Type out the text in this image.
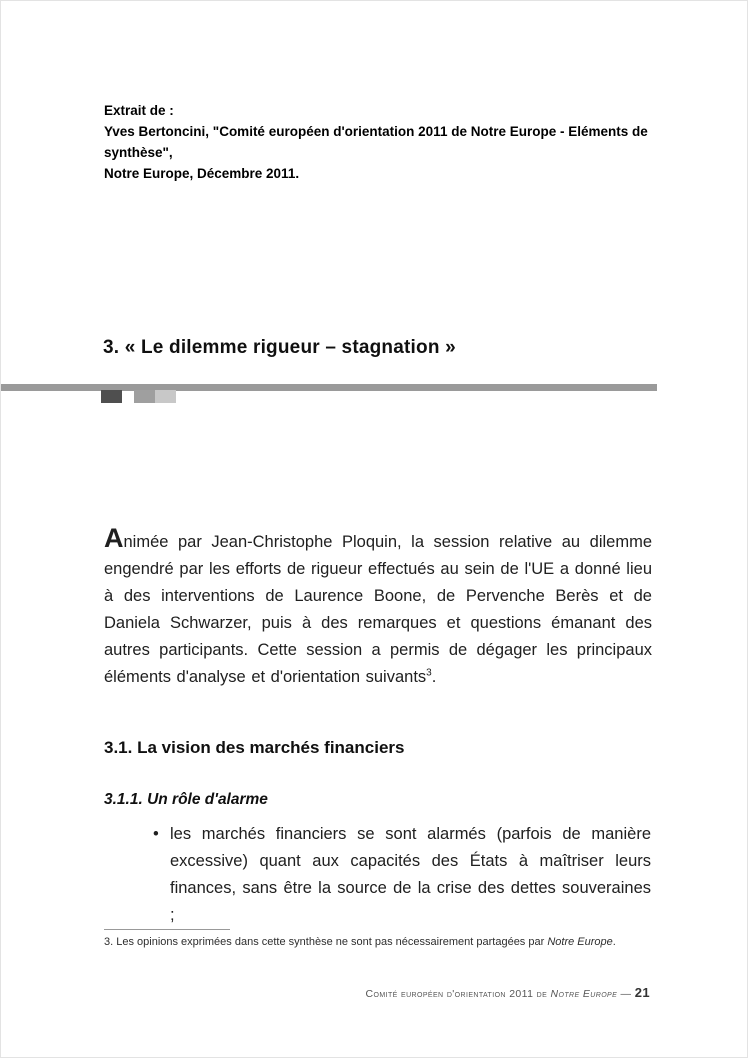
Extrait de :
Yves Bertoncini, "Comité européen d'orientation 2011 de Notre Europe - Eléments de synthèse",
Notre Europe, Décembre 2011.
3. « Le dilemme rigueur – stagnation »

Animée par Jean-Christophe Ploquin, la session relative au dilemme engendré par les efforts de rigueur effectués au sein de l'UE a donné lieu à des interventions de Laurence Boone, de Pervenche Berès et de Daniela Schwarzer, puis à des remarques et questions émanant des autres participants. Cette session a permis de dégager les principaux éléments d'analyse et d'orientation suivants$^3$.

3.1. La vision des marchés financiers
3.1.1. Un rôle d'alarme
• les marchés financiers se sont alarmés (parfois de manière excessive) quant aux capacités des États à maîtriser leurs finances, sans être la source de la crise des dettes souveraines ;
3. Les opinions exprimées dans cette synthèse ne sont pas nécessairement partagées par Notre Europe.
Comité européen d'orientation 2011 de Notre Europe — 21
